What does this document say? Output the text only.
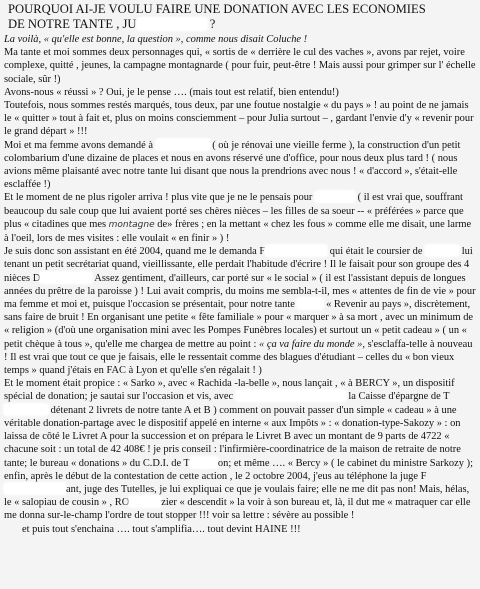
POURQUOI AI-JE VOULU FAIRE UNE DONATION AVEC LES ECONOMIES
DE NOTRE TANTE , JU	?

La voilà, « qu'elle est bonne, la question », comme nous disait Coluche !

Ma tante et moi sommes deux personnages qui, « sortis de « derrière le cul des vaches », avons par rejet, voire complexe, quitté , jeunes, la campagne montagnarde ( pour fuir, peut-être ! Mais aussi pour grimper sur l' échelle sociale, sûr !)

Avons-nous « réussi » ? Oui, je le pense …. (mais tout est relatif, bien entendu!)

Toutefois, nous sommes restés marqués, tous deux, par une foutue nostalgie « du pays » ! au point de ne jamais le « quitter » tout à fait et, plus on moins consciemment – pour Julia surtout – , gardant l'envie d'y « revenir pour le grand départ » !!!

Moi et ma femme avons demandé à	( où je rénovai une vieille ferme ), la construction d'un petit colombarium d'une dizaine de places et nous en avons réservé une d'office, pour nous deux plus tard ! ( nous avions même plaisanté avec notre tante lui disant que nous la prendrions avec nous ! « d'accord », s'était-elle esclaffée !)

Et le moment de ne plus rigoler arriva ! plus vite que je ne le pensais pour	( il est vrai que, souffrant beaucoup du sale coup que lui avaient porté ses chères nièces – les filles de sa soeur -- « préférées » parce que plus « citadines que mes montagne de» frères ; en la mettant « chez les fous » comme elle me disait, une larme à l'oeil, lors de mes visites : elle voulait « en finir » ) !

Je suis donc son assistant en été 2004, quand me le demanda F	qui était le coursier de	lui tenant un petit secrétariat quand, vieillissante, elle perdait l'habitude d'écrire ! Il le faisait pour son groupe des 4 nièces D	Assez gentiment, d'ailleurs, car porté sur « le social » ( il est l'assistant depuis de longues années du prêtre de la paroisse ) ! Lui avait compris, du moins me sembla-t-il, mes « attentes de fin de vie » pour ma femme et moi et, puisque l'occasion se présentait, pour notre tante	« Revenir au pays », discrètement, sans faire de bruit ! En organisant une petite « fête familiale » pour « marquer » à sa mort , avec un minimum de « religion » (d'où une organisation mini avec les Pompes Funèbres locales) et surtout un « petit cadeau » ( un « petit chèque à tous », qu'elle me chargea de mettre au point : « ça va faire du monde », s'esclaffa-telle à nouveau ! Il est vrai que tout ce que je faisais, elle le ressentait comme des blagues d'étudiant – celles du « bon vieux temps » quand j'étais en FAC à Lyon et qu'elle s'en régalait ! )

Et le moment était propice : « Sarko », avec « Rachida -la-belle », nous lançait , « à BERCY », un dispositif spécial de donation; je sautai sur l'occasion et vis, avec	la Caisse d'épargne de T détenant 2 livrets de notre tante A et B ) comment on pouvait passer d'un simple « cadeau » à une véritable donation-partage avec le dispositif appelé en interne « aux Impôts » : « donation-type-Sakozy » : on laissa de côté le Livret A pour la succession et on prépara le Livret B avec un montant de 9 parts de 4722 « chacune soit : un total de 42 408€ ! je pris conseil : l'infirmière-coordinatrice de la maison de retraite de notre tante; le bureau « donations » du C.D.I. de T	on; et même …. « Bercy » ( le cabinet du ministre Sarkozy ); enfin, après le début de la contestation de cette action , le 2 octobre 2004, j'eus au téléphone la juge Fant, juge des Tutelles, je lui expliquai ce que je voulais faire; elle ne me dit pas non! Mais, hélas, le « salopiau de cousin » , RO	zier « descendit » la voir à son bureau et, là, il dut me « matraquer car elle me donna sur-le-champ l'ordre de tout stopper !!! voir sa lettre : sévère au possible !

et puis tout s'enchaina …. tout s'amplifia…. tout devint HAINE !!!
